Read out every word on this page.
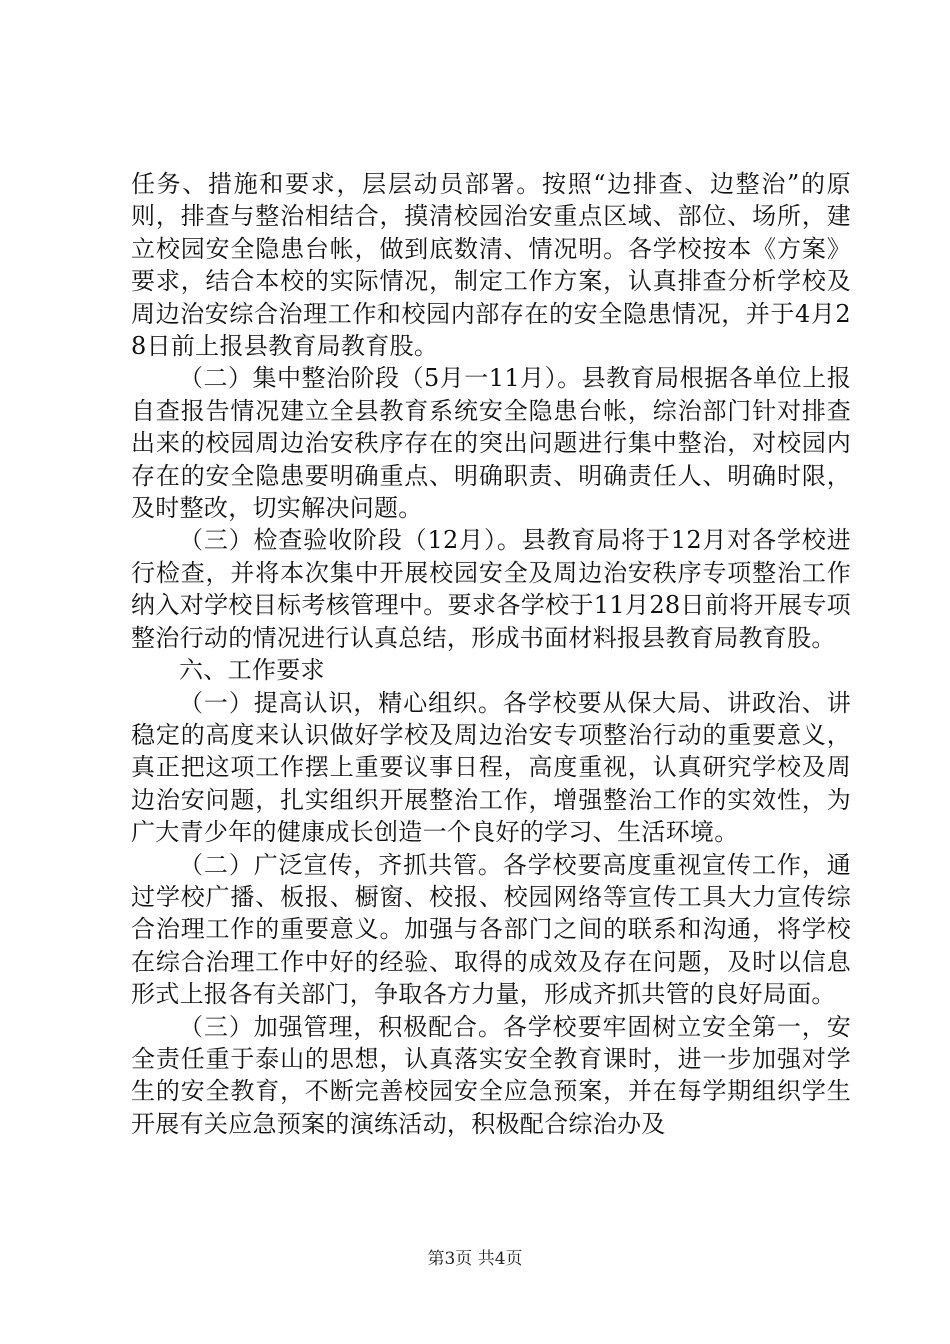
任务、措施和要求，层层动员部署。按照“边排查、边整治”的原则，排查与整治相结合，摸清校园治安重点区域、部位、场所，建立校园安全隐患台帐，做到底数清、情况明。各学校按本《方案》要求，结合本校的实际情况，制定工作方案，认真排查分析学校及周边治安综合治理工作和校园内部存在的安全隐患情况，并于4月28日前上报县教育局教育股。

（二）集中整治阶段（5月一11月）。县教育局根据各单位上报自查报告情况建立全县教育系统安全隐患台帐，综治部门针对排查出来的校园周边治安秩序存在的突出问题进行集中整治，对校园内存在的安全隐患要明确重点、明确职责、明确责任人、明确时限，及时整改，切实解决问题。

（三）检查验收阶段（12月）。县教育局将于12月对各学校进行检查，并将本次集中开展校园安全及周边治安秩序专项整治工作纳入对学校目标考核管理中。要求各学校于11月28日前将开展专项整治行动的情况进行认真总结，形成书面材料报县教育局教育股。

六、工作要求

（一）提高认识，精心组织。各学校要从保大局、讲政治、讲稳定的高度来认识做好学校及周边治安专项整治行动的重要意义，真正把这项工作摆上重要议事日程，高度重视，认真研究学校及周边治安问题，扎实组织开展整治工作，增强整治工作的实效性，为广大青少年的健康成长创造一个良好的学习、生活环境。

（二）广泛宣传，齐抓共管。各学校要高度重视宣传工作，通过学校广播、板报、橱窗、校报、校园网络等宣传工具大力宣传综合治理工作的重要意义。加强与各部门之间的联系和沟通，将学校在综合治理工作中好的经验、取得的成效及存在问题，及时以信息形式上报各有关部门，争取各方力量，形成齐抓共管的良好局面。

（三）加强管理，积极配合。各学校要牢固树立安全第一，安全责任重于泰山的思想，认真落实安全教育课时，进一步加强对学生的安全教育，不断完善校园安全应急预案，并在每学期组织学生开展有关应急预案的演练活动，积极配合综治办及

第3页 共4页
